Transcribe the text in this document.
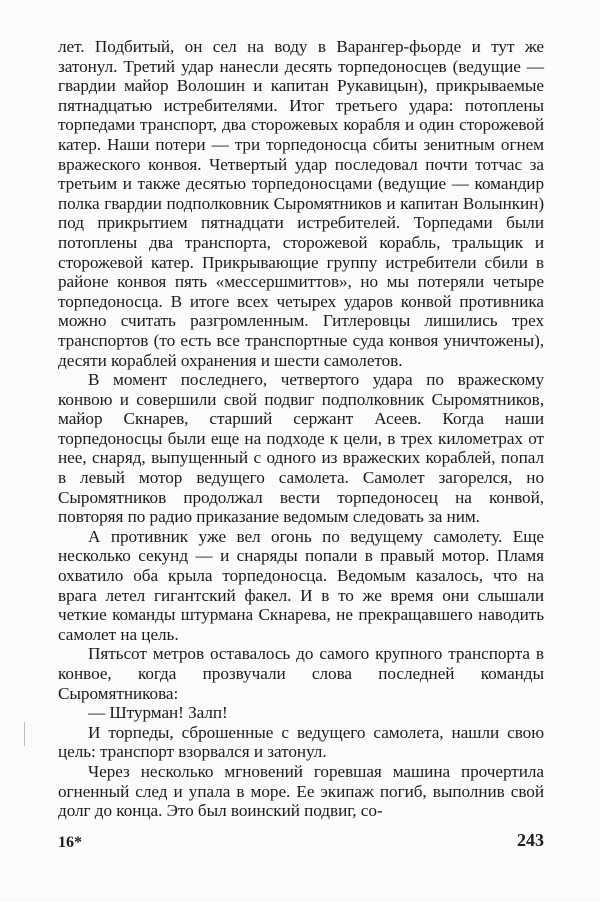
лет. Подбитый, он сел на воду в Варангер-фьорде и тут же затонул. Третий удар нанесли десять торпедоносцев (ведущие — гвардии майор Волошин и капитан Рукавицын), прикрываемые пятнадцатью истребителями. Итог третьего удара: потоплены торпедами транспорт, два сторожевых корабля и один сторожевой катер. Наши потери — три торпедоносца сбиты зенитным огнем вражеского конвоя. Четвертый удар последовал почти тотчас за третьим и также десятью торпедоносцами (ведущие — командир полка гвардии подполковник Сыромятников и капитан Волынкин) под прикрытием пятнадцати истребителей. Торпедами были потоплены два транспорта, сторожевой корабль, тральщик и сторожевой катер. Прикрывающие группу истребители сбили в районе конвоя пять «мессершмиттов», но мы потеряли четыре торпедоносца. В итоге всех четырех ударов конвой противника можно считать разгромленным. Гитлеровцы лишились трех транспортов (то есть все транспортные суда конвоя уничтожены), десяти кораблей охранения и шести самолетов.

В момент последнего, четвертого удара по вражескому конвою и совершили свой подвиг подполковник Сыромятников, майор Скнарев, старший сержант Асеев. Когда наши торпедоносцы были еще на подходе к цели, в трех километрах от нее, снаряд, выпущенный с одного из вражеских кораблей, попал в левый мотор ведущего самолета. Самолет загорелся, но Сыромятников продолжал вести торпедоносец на конвой, повторяя по радио приказание ведомым следовать за ним.

А противник уже вел огонь по ведущему самолету. Еще несколько секунд — и снаряды попали в правый мотор. Пламя охватило оба крыла торпедоносца. Ведомым казалось, что на врага летел гигантский факел. И в то же время они слышали четкие команды штурмана Скнарева, не прекращавшего наводить самолет на цель.

Пятьсот метров оставалось до самого крупного транспорта в конвое, когда прозвучали слова последней команды Сыромятникова:

— Штурман! Залп!

И торпеды, сброшенные с ведущего самолета, нашли свою цель: транспорт взорвался и затонул.

Через несколько мгновений горевшая машина прочертила огненный след и упала в море. Ее экипаж погиб, выполнив свой долг до конца. Это был воинский подвиг, со-

16*	243
